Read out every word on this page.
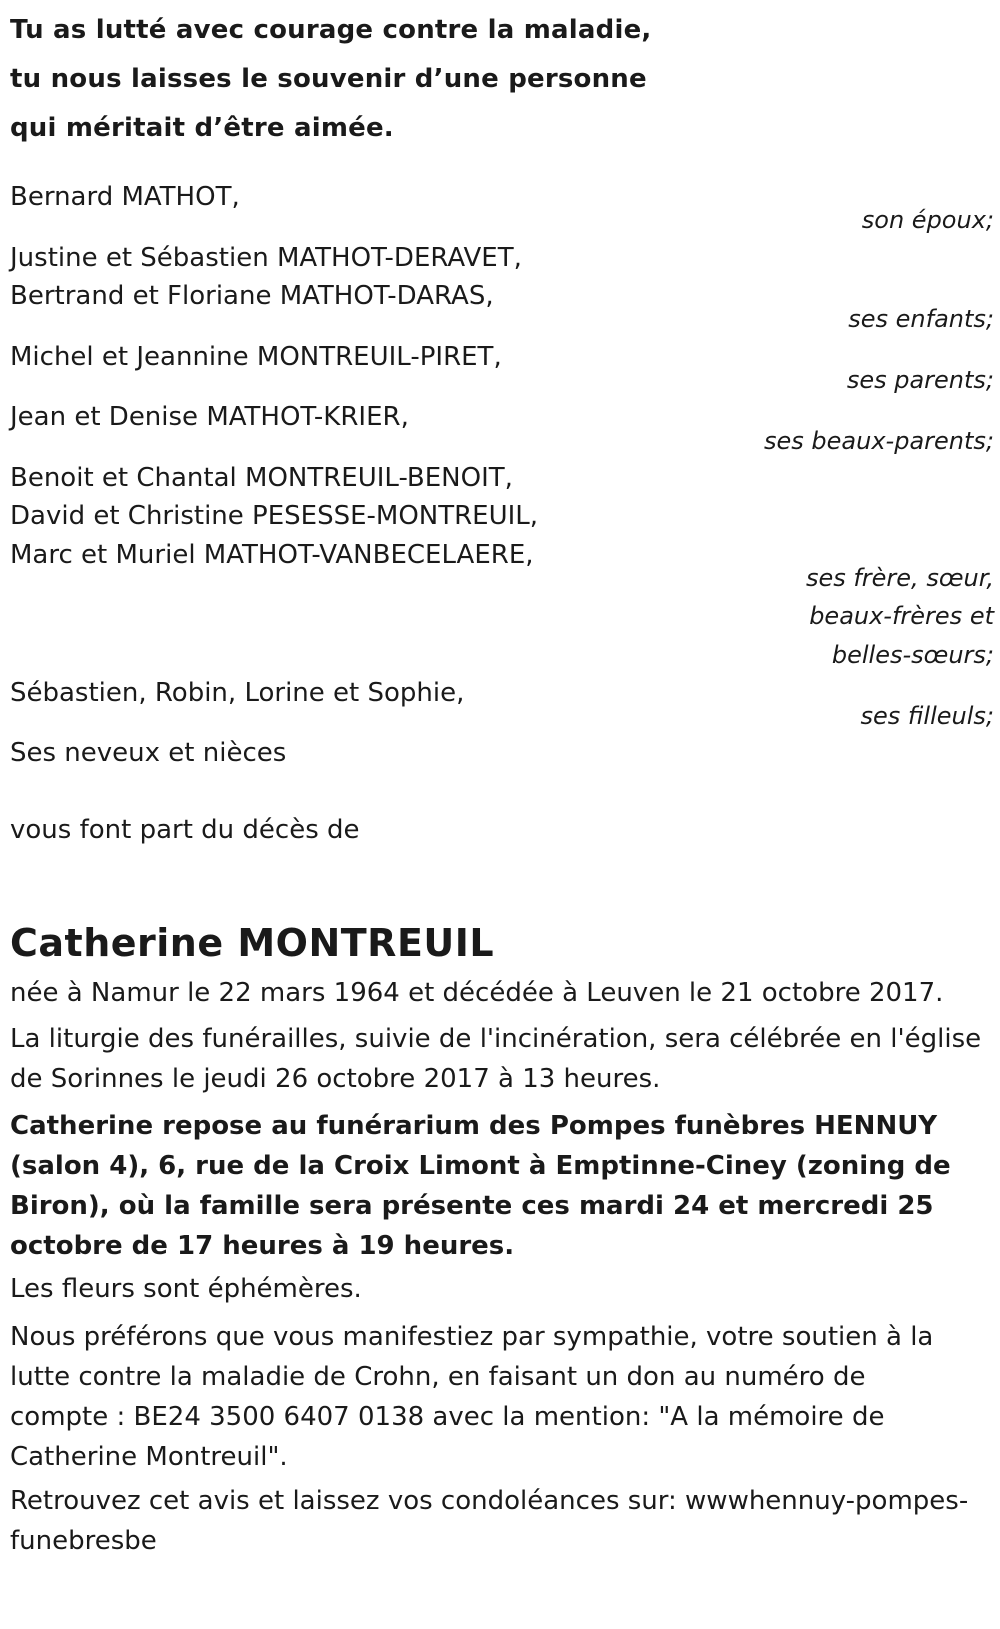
Tu as lutté avec courage contre la maladie,
tu nous laisses le souvenir d’une personne
qui méritait d’être aimée.
Bernard MATHOT,
son époux;
Justine et Sébastien MATHOT-DERAVET,
Bertrand et Floriane MATHOT-DARAS,
ses enfants;
Michel et Jeannine MONTREUIL-PIRET,
ses parents;
Jean et Denise MATHOT-KRIER,
ses beaux-parents;
Benoit et Chantal MONTREUIL-BENOIT,
David et Christine PESESSE-MONTREUIL,
Marc et Muriel MATHOT-VANBECELAERE,
ses frère, sœur,
beaux-frères et
belles-sœurs;
Sébastien, Robin, Lorine et Sophie,
ses filleuls;
Ses neveux et nièces
vous font part du décès de
Catherine MONTREUIL
née à Namur le 22 mars 1964 et décédée à Leuven le 21 octobre 2017.
La liturgie des funérailles, suivie de l'incinération, sera célébrée en l'église de Sorinnes le jeudi 26 octobre 2017 à 13 heures.
Catherine repose au funérarium des Pompes funèbres HENNUY (salon 4), 6, rue de la Croix Limont à Emptinne-Ciney (zoning de Biron), où la famille sera présente ces mardi 24 et mercredi 25 octobre de 17 heures à 19 heures.
Les fleurs sont éphémères.
Nous préférons que vous manifestiez par sympathie, votre soutien à la lutte contre la maladie de Crohn, en faisant un don au numéro de compte : BE24 3500 6407 0138 avec la mention: "A la mémoire de Catherine Montreuil".
Retrouvez cet avis et laissez vos condoléances sur: wwwhennuy-pompes-funebresbe
